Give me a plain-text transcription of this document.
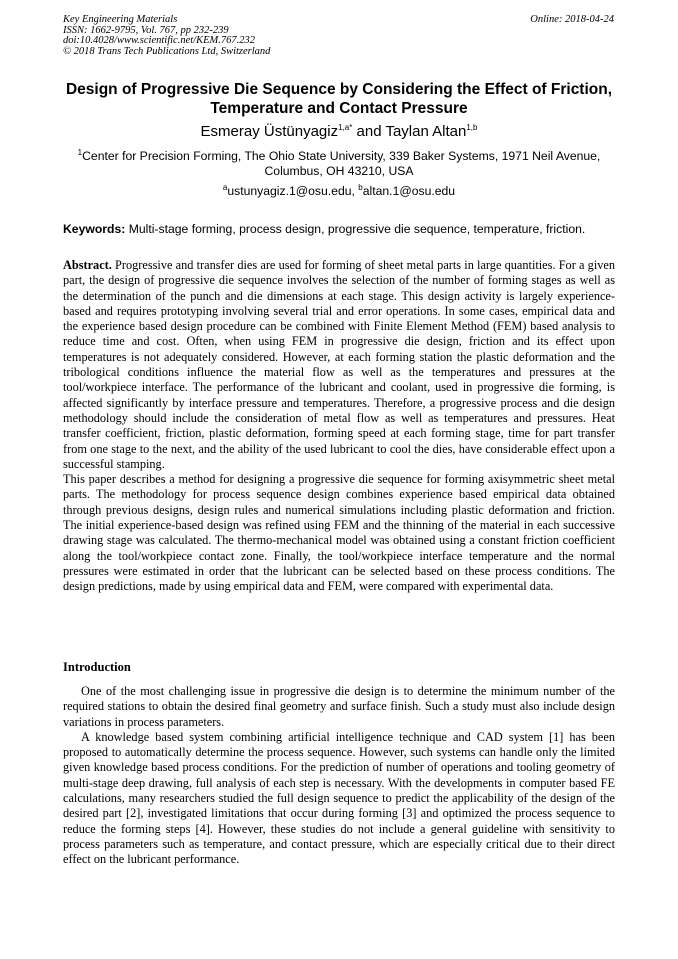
Key Engineering Materials
ISSN: 1662-9795, Vol. 767, pp 232-239
doi:10.4028/www.scientific.net/KEM.767.232
© 2018 Trans Tech Publications Ltd, Switzerland
Online: 2018-04-24
Design of Progressive Die Sequence by Considering the Effect of Friction, Temperature and Contact Pressure
Esmeray Üstünyagiz$^{1,a*}$ and Taylan Altan$^{1,b}$
$^1$Center for Precision Forming, The Ohio State University, 339 Baker Systems, 1971 Neil Avenue, Columbus, OH 43210, USA
$^a$ustunyagiz.1@osu.edu, $^b$altan.1@osu.edu
Keywords: Multi-stage forming, process design, progressive die sequence, temperature, friction.

Abstract. Progressive and transfer dies are used for forming of sheet metal parts in large quantities. For a given part, the design of progressive die sequence involves the selection of the number of forming stages as well as the determination of the punch and die dimensions at each stage. This design activity is largely experience-based and requires prototyping involving several trial and error operations. In some cases, empirical data and the experience based design procedure can be combined with Finite Element Method (FEM) based analysis to reduce time and cost. Often, when using FEM in progressive die design, friction and its effect upon temperatures is not adequately considered. However, at each forming station the plastic deformation and the tribological conditions influence the material flow as well as the temperatures and pressures at the tool/workpiece interface. The performance of the lubricant and coolant, used in progressive die forming, is affected significantly by interface pressure and temperatures. Therefore, a progressive process and die design methodology should include the consideration of metal flow as well as temperatures and pressures. Heat transfer coefficient, friction, plastic deformation, forming speed at each forming stage, time for part transfer from one stage to the next, and the ability of the used lubricant to cool the dies, have considerable effect upon a successful stamping.

This paper describes a method for designing a progressive die sequence for forming axisymmetric sheet metal parts. The methodology for process sequence design combines experience based empirical data obtained through previous designs, design rules and numerical simulations including plastic deformation and friction. The initial experience-based design was refined using FEM and the thinning of the material in each successive drawing stage was calculated. The thermo-mechanical model was obtained using a constant friction coefficient along the tool/workpiece contact zone. Finally, the tool/workpiece interface temperature and the normal pressures were estimated in order that the lubricant can be selected based on these process conditions. The design predictions, made by using empirical data and FEM, were compared with experimental data.

Introduction

One of the most challenging issue in progressive die design is to determine the minimum number of the required stations to obtain the desired final geometry and surface finish. Such a study must also include design variations in process parameters.

A knowledge based system combining artificial intelligence technique and CAD system [1] has been proposed to automatically determine the process sequence. However, such systems can handle only the limited given knowledge based process conditions. For the prediction of number of operations and tooling geometry of multi-stage deep drawing, full analysis of each step is necessary. With the developments in computer based FE calculations, many researchers studied the full design sequence to predict the applicability of the design of the desired part [2], investigated limitations that occur during forming [3] and optimized the process sequence to reduce the forming steps [4]. However, these studies do not include a general guideline with sensitivity to process parameters such as temperature, and contact pressure, which are especially critical due to their direct effect on the lubricant performance.
